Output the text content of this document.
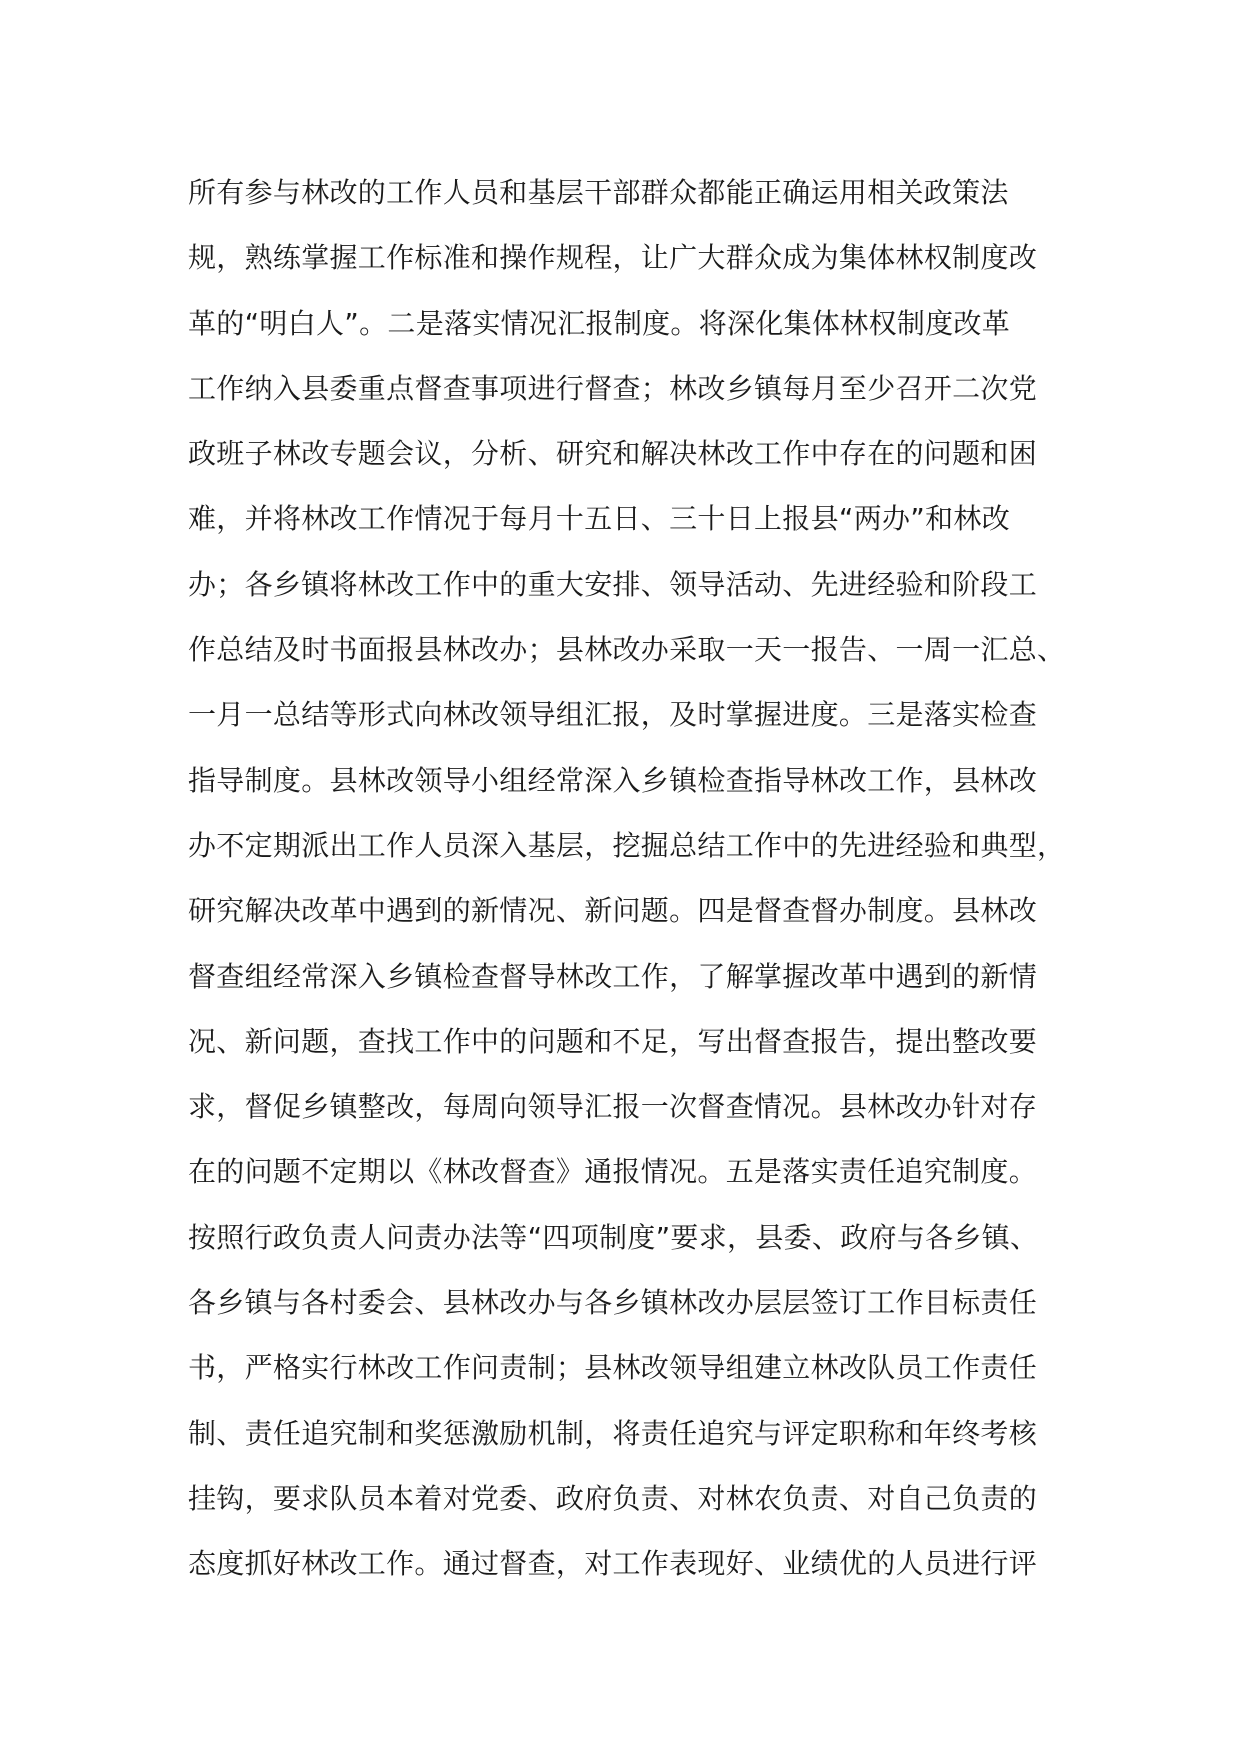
所有参与林改的工作人员和基层干部群众都能正确运用相关政策法
规，熟练掌握工作标准和操作规程，让广大群众成为集体林权制度改
革的“明白人”。二是落实情况汇报制度。将深化集体林权制度改革
工作纳入县委重点督查事项进行督查；林改乡镇每月至少召开二次党
政班子林改专题会议，分析、研究和解决林改工作中存在的问题和困
难，并将林改工作情况于每月十五日、三十日上报县“两办”和林改
办；各乡镇将林改工作中的重大安排、领导活动、先进经验和阶段工
作总结及时书面报县林改办；县林改办采取一天一报告、一周一汇总、
一月一总结等形式向林改领导组汇报，及时掌握进度。三是落实检查
指导制度。县林改领导小组经常深入乡镇检查指导林改工作，县林改
办不定期派出工作人员深入基层，挖掘总结工作中的先进经验和典型，
研究解决改革中遇到的新情况、新问题。四是督查督办制度。县林改
督查组经常深入乡镇检查督导林改工作，了解掌握改革中遇到的新情
况、新问题，查找工作中的问题和不足，写出督查报告，提出整改要
求，督促乡镇整改，每周向领导汇报一次督查情况。县林改办针对存
在的问题不定期以《林改督查》通报情况。五是落实责任追究制度。
按照行政负责人问责办法等“四项制度”要求，县委、政府与各乡镇、
各乡镇与各村委会、县林改办与各乡镇林改办层层签订工作目标责任
书，严格实行林改工作问责制；县林改领导组建立林改队员工作责任
制、责任追究制和奖惩激励机制，将责任追究与评定职称和年终考核
挂钩，要求队员本着对党委、政府负责、对林农负责、对自己负责的
态度抓好林改工作。通过督查，对工作表现好、业绩优的人员进行评
